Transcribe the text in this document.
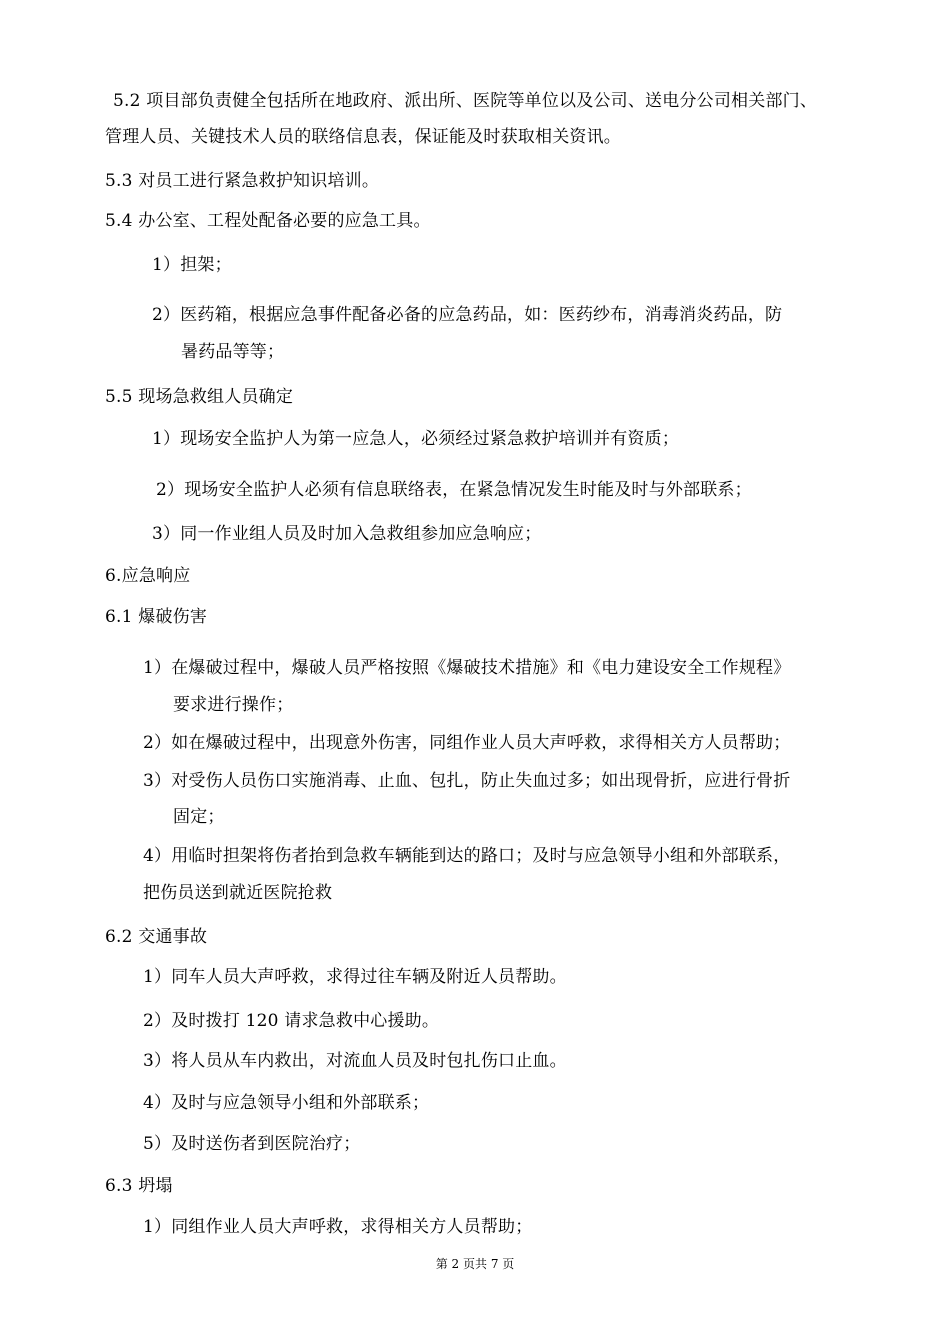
5.2 项目部负责健全包括所在地政府、派出所、医院等单位以及公司、送电分公司相关部门、
管理人员、关键技术人员的联络信息表，保证能及时获取相关资讯。
5.3 对员工进行紧急救护知识培训。
5.4 办公室、工程处配备必要的应急工具。
1）担架；
2）医药箱，根据应急事件配备必备的应急药品，如：医药纱布，消毒消炎药品，防
暑药品等等；
5.5 现场急救组人员确定
1）现场安全监护人为第一应急人，必须经过紧急救护培训并有资质；
2）现场安全监护人必须有信息联络表，在紧急情况发生时能及时与外部联系；
3）同一作业组人员及时加入急救组参加应急响应；
6.应急响应
6.1 爆破伤害
1）在爆破过程中，爆破人员严格按照《爆破技术措施》和《电力建设安全工作规程》
要求进行操作；
2）如在爆破过程中，出现意外伤害，同组作业人员大声呼救，求得相关方人员帮助；
3）对受伤人员伤口实施消毒、止血、包扎，防止失血过多；如出现骨折，应进行骨折
固定；
4）用临时担架将伤者抬到急救车辆能到达的路口；及时与应急领导小组和外部联系，
把伤员送到就近医院抢救
6.2 交通事故
1）同车人员大声呼救，求得过往车辆及附近人员帮助。
2）及时拨打 120 请求急救中心援助。
3）将人员从车内救出，对流血人员及时包扎伤口止血。
4）及时与应急领导小组和外部联系；
5）及时送伤者到医院治疗；
6.3 坍塌
1）同组作业人员大声呼救，求得相关方人员帮助；
第 2 页共 7 页
